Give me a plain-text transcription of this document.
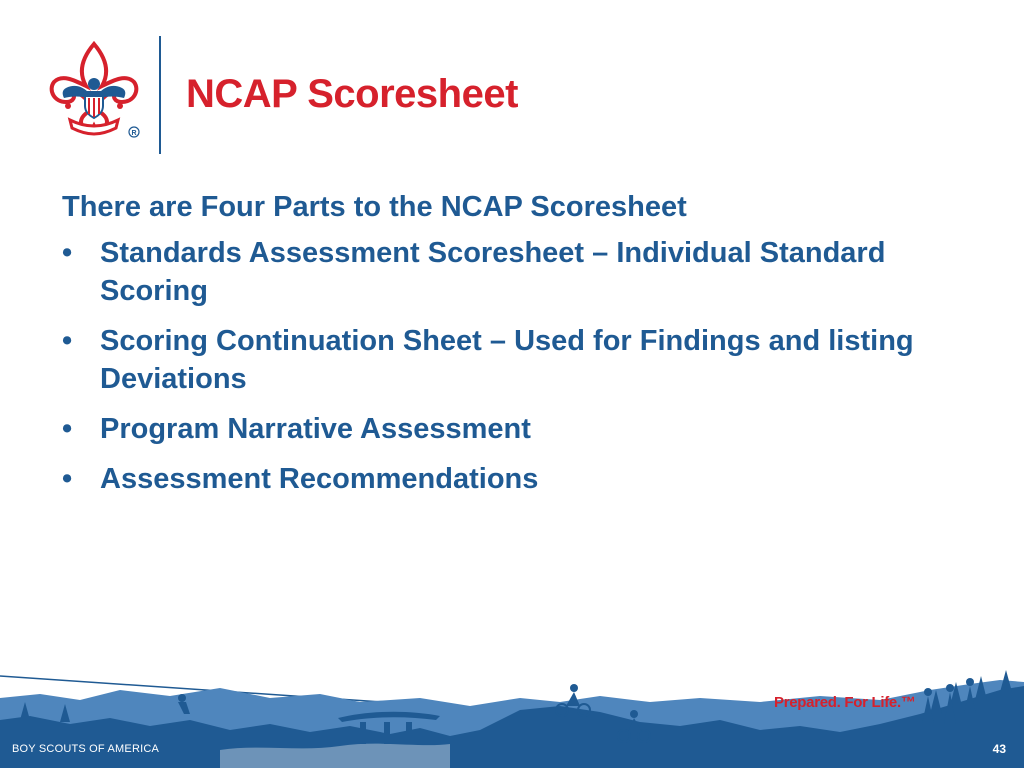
R
NCAP Scoresheet

There are Four Parts to the NCAP Scoresheet

• Standards Assessment Scoresheet – Individual Standard Scoring
• Scoring Continuation Sheet – Used for Findings and listing Deviations
• Program Narrative Assessment
• Assessment Recommendations
Prepared. For Life.™
BOY SCOUTS OF AMERICA	43
